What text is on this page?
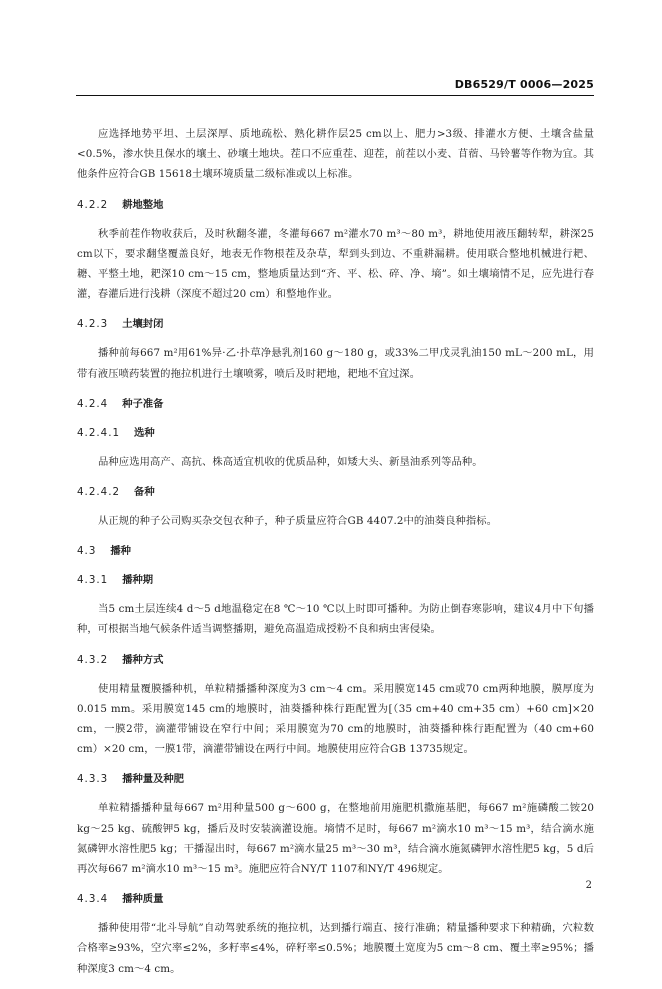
DB6529/T 0006—2025

应选择地势平坦、土层深厚、质地疏松、熟化耕作层25 cm以上、肥力>3级、排灌水方便、土壤含盐量<0.5%，渗水快且保水的壤土、砂壤土地块。茬口不应重茬、迎茬，前茬以小麦、苜蓿、马铃薯等作物为宜。其他条件应符合GB 15618土壤环境质量二级标准或以上标准。

4.2.2 耕地整地

秋季前茬作物收获后，及时秋翻冬灌，冬灌每667 m²灌水70 m³～80 m³，耕地使用液压翻转犁，耕深25 cm以下，要求翻垡覆盖良好，地表无作物根茬及杂草，犁到头到边、不重耕漏耕。使用联合整地机械进行耙、耱、平整土地，耙深10 cm～15 cm，整地质量达到“齐、平、松、碎、净、墒”。如土壤墒情不足，应先进行春灌，春灌后进行浅耕（深度不超过20 cm）和整地作业。

4.2.3 土壤封闭

播种前每667 m²用61%异·乙·扑草净悬乳剂160 g～180 g，或33%二甲戊灵乳油150 mL～200 mL，用带有液压喷药装置的拖拉机进行土壤喷雾，喷后及时耙地，耙地不宜过深。

4.2.4 种子准备
4.2.4.1 选种

品种应选用高产、高抗、株高适宜机收的优质品种，如矮大头、新垦油系列等品种。

4.2.4.2 备种

从正规的种子公司购买杂交包衣种子，种子质量应符合GB 4407.2中的油葵良种指标。

4.3 播种
4.3.1 播种期

当5 cm土层连续4 d～5 d地温稳定在8 ℃～10 ℃以上时即可播种。为防止倒春寒影响，建议4月中下旬播种，可根据当地气候条件适当调整播期，避免高温造成授粉不良和病虫害侵染。

4.3.2 播种方式

使用精量覆膜播种机，单粒精播播种深度为3 cm～4 cm。采用膜宽145 cm或70 cm两种地膜，膜厚度为0.015 mm。采用膜宽145 cm的地膜时，油葵播种株行距配置为[（35 cm+40 cm+35 cm）+60 cm]×20 cm，一膜2带，滴灌带铺设在窄行中间；采用膜宽为70 cm的地膜时，油葵播种株行距配置为（40 cm+60 cm）×20 cm，一膜1带，滴灌带铺设在两行中间。地膜使用应符合GB 13735规定。

4.3.3 播种量及种肥

单粒精播播种量每667 m²用种量500 g～600 g，在整地前用施肥机撒施基肥，每667 m²施磷酸二铵20 kg～25 kg、硫酸钾5 kg，播后及时安装滴灌设施。墒情不足时，每667 m²滴水10 m³～15 m³，结合滴水施氮磷钾水溶性肥5 kg；干播湿出时，每667 m²滴水量25 m³～30 m³，结合滴水施氮磷钾水溶性肥5 kg，5 d后再次每667 m²滴水10 m³～15 m³。施肥应符合NY/T 1107和NY/T 496规定。

4.3.4 播种质量

播种使用带“北斗导航”自动驾驶系统的拖拉机，达到播行端直、接行准确；精量播种要求下种精确，穴粒数合格率≥93%，空穴率≤2%，多籽率≤4%，碎籽率≤0.5%；地膜覆土宽度为5 cm～8 cm、覆土率≥95%；播种深度3 cm～4 cm。

2
